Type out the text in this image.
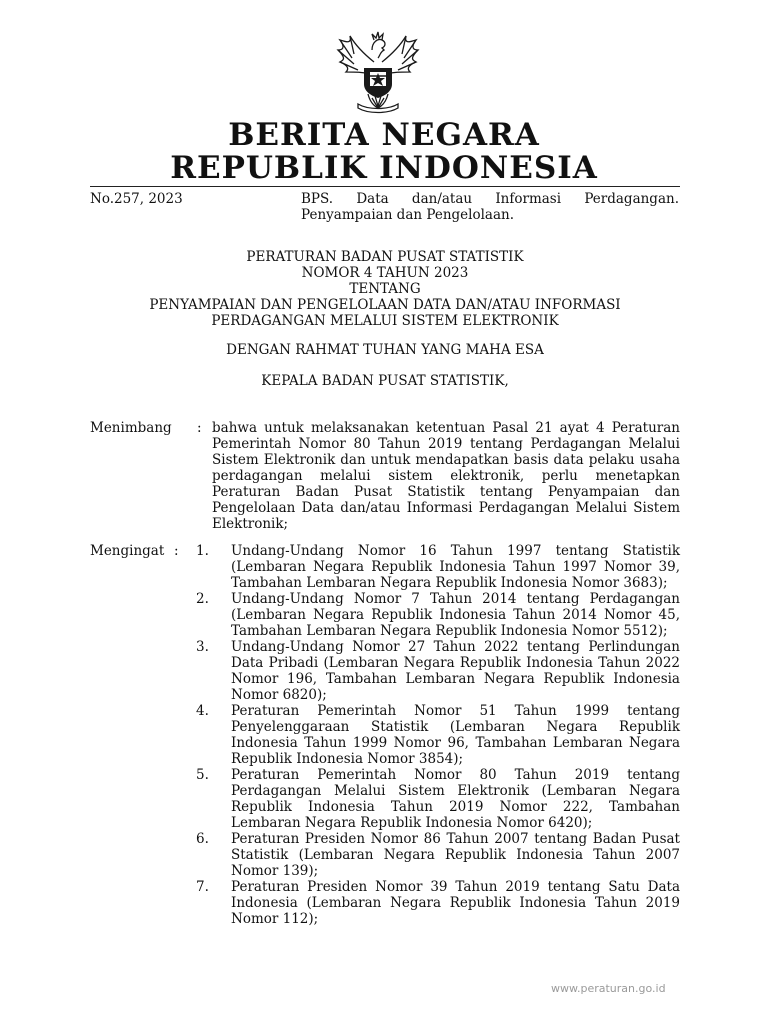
BERITA NEGARA
REPUBLIK INDONESIA
No.257, 2023	BPS. Data dan/atau Informasi Perdagangan. Penyampaian dan Pengelolaan.
PERATURAN BADAN PUSAT STATISTIK
NOMOR 4 TAHUN 2023
TENTANG
PENYAMPAIAN DAN PENGELOLAAN DATA DAN/ATAU INFORMASI
PERDAGANGAN MELALUI SISTEM ELEKTRONIK
DENGAN RAHMAT TUHAN YANG MAHA ESA
KEPALA BADAN PUSAT STATISTIK,
Menimbang : bahwa untuk melaksanakan ketentuan Pasal 21 ayat 4 Peraturan Pemerintah Nomor 80 Tahun 2019 tentang Perdagangan Melalui Sistem Elektronik dan untuk mendapatkan basis data pelaku usaha perdagangan melalui sistem elektronik, perlu menetapkan Peraturan Badan Pusat Statistik tentang Penyampaian dan Pengelolaan Data dan/atau Informasi Perdagangan Melalui Sistem Elektronik;
Mengingat : 1.	Undang-Undang Nomor 16 Tahun 1997 tentang Statistik (Lembaran Negara Republik Indonesia Tahun 1997 Nomor 39, Tambahan Lembaran Negara Republik Indonesia Nomor 3683);
2.	Undang-Undang Nomor 7 Tahun 2014 tentang Perdagangan (Lembaran Negara Republik Indonesia Tahun 2014 Nomor 45, Tambahan Lembaran Negara Republik Indonesia Nomor 5512);
3.	Undang-Undang Nomor 27 Tahun 2022 tentang Perlindungan Data Pribadi (Lembaran Negara Republik Indonesia Tahun 2022 Nomor 196, Tambahan Lembaran Negara Republik Indonesia Nomor 6820);
4.	Peraturan Pemerintah Nomor 51 Tahun 1999 tentang Penyelenggaraan Statistik (Lembaran Negara Republik Indonesia Tahun 1999 Nomor 96, Tambahan Lembaran Negara Republik Indonesia Nomor 3854);
5.	Peraturan Pemerintah Nomor 80 Tahun 2019 tentang Perdagangan Melalui Sistem Elektronik (Lembaran Negara Republik Indonesia Tahun 2019 Nomor 222, Tambahan Lembaran Negara Republik Indonesia Nomor 6420);
6.	Peraturan Presiden Nomor 86 Tahun 2007 tentang Badan Pusat Statistik (Lembaran Negara Republik Indonesia Tahun 2007 Nomor 139);
7.	Peraturan Presiden Nomor 39 Tahun 2019 tentang Satu Data Indonesia (Lembaran Negara Republik Indonesia Tahun 2019 Nomor 112);
www.peraturan.go.id
